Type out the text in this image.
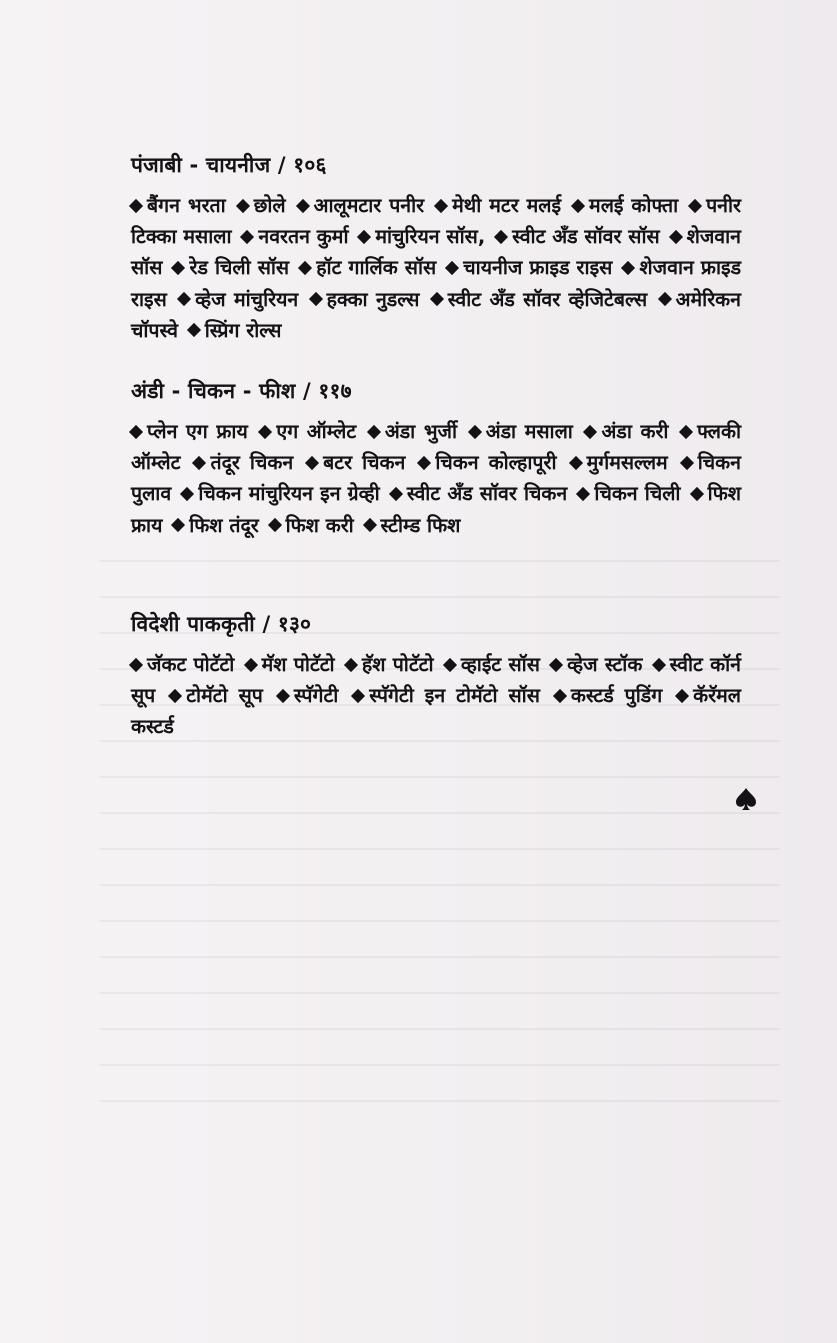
पंजाबी - चायनीज / १०६

बैंगन भरता छोले आलूमटार पनीर मेथी मटर मलई मलई कोफ्ता पनीर टिक्का मसाला नवरतन कुर्मा मांचुरियन सॉस, स्वीट अँड सॉवर सॉस शेजवान सॉस रेड चिली सॉस हॉट गार्लिक सॉस चायनीज फ्राइड राइस शेजवान फ्राइड राइस व्हेज मांचुरियन हक्का नुडल्स स्वीट अँड सॉवर व्हेजिटेबल्स अमेरिकन चॉपस्वे स्प्रिंग रोल्स

अंडी - चिकन - फीश / ११७

प्लेन एग फ्राय एग ऑम्लेट अंडा भुर्जी अंडा मसाला अंडा करी फ्लकी ऑम्लेट तंदूर चिकन बटर चिकन चिकन कोल्हापूरी मुर्गमसल्लम चिकन पुलाव चिकन मांचुरियन इन ग्रेव्ही स्वीट अँड सॉवर चिकन चिकन चिली फिश फ्राय फिश तंदूर फिश करी स्टीम्ड फिश

विदेशी पाककृती / १३०

जॅकट पोटॅटो मॅश पोटॅटो हॅश पोटॅटो व्हाईट सॉस व्हेज स्टॉक स्वीट कॉर्न सूप टोमॅटो सूप स्पॅगेटी स्पॅगेटी इन टोमॅटो सॉस कस्टर्ड पुडिंग कॅरॅमल कस्टर्ड
